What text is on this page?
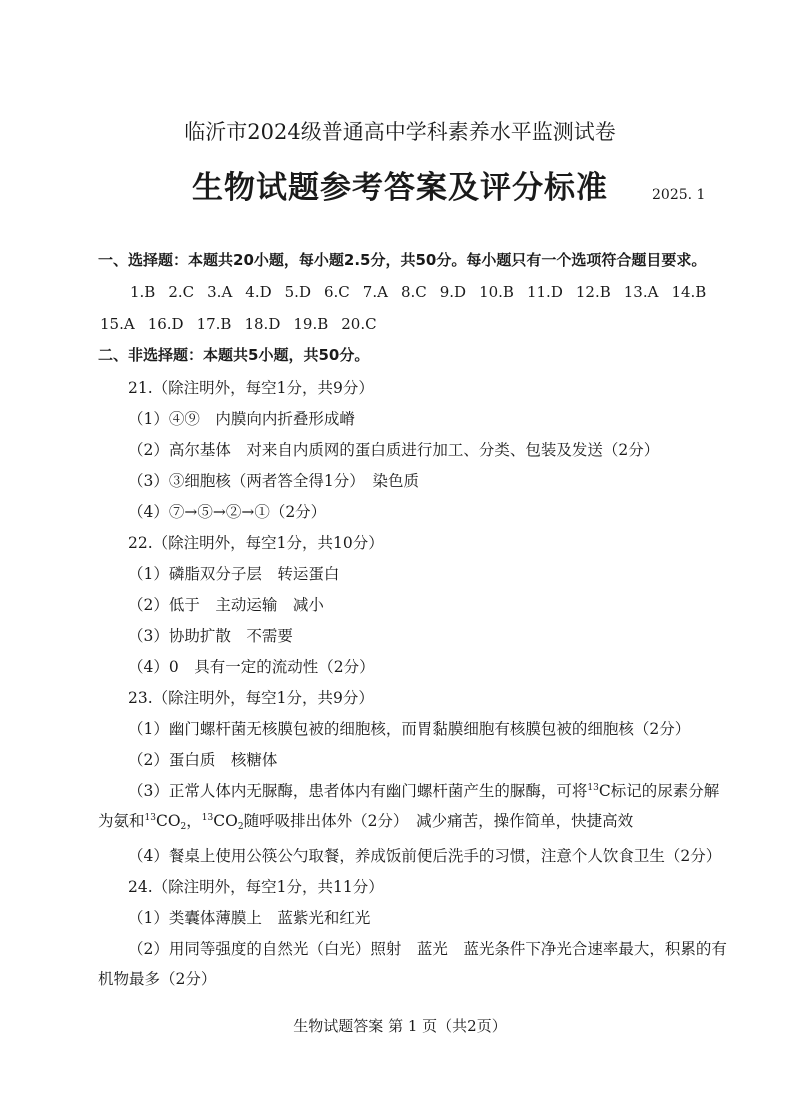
临沂市2024级普通高中学科素养水平监测试卷
生物试题参考答案及评分标准	2025. 1
一、选择题：本题共20小题，每小题2.5分，共50分。每小题只有一个选项符合题目要求。
1.B 2.C 3.A 4.D 5.D 6.C 7.A 8.C 9.D 10.B 11.D 12.B 13.A 14.B
15.A 16.D 17.B 18.D 19.B 20.C
二、非选择题：本题共5小题，共50分。
21.（除注明外，每空1分，共9分）
（1）④⑨　内膜向内折叠形成嵴
（2）高尔基体　对来自内质网的蛋白质进行加工、分类、包装及发送（2分）
（3）③细胞核（两者答全得1分）　染色质
（4）⑦→⑤→②→①（2分）
22.（除注明外，每空1分，共10分）
（1）磷脂双分子层　转运蛋白
（2）低于　主动运输　减小
（3）协助扩散　不需要
（4）0　具有一定的流动性（2分）
23.（除注明外，每空1分，共9分）
（1）幽门螺杆菌无核膜包被的细胞核，而胃黏膜细胞有核膜包被的细胞核（2分）
（2）蛋白质　核糖体
（3）正常人体内无脲酶，患者体内有幽门螺杆菌产生的脲酶，可将$^{13}$C标记的尿素分解
为氨和$^{13}CO_2$，$^{13}CO_2$随呼吸排出体外（2分）　减少痛苦，操作简单，快捷高效
（4）餐桌上使用公筷公勺取餐，养成饭前便后洗手的习惯，注意个人饮食卫生（2分）
24.（除注明外，每空1分，共11分）
（1）类囊体薄膜上　蓝紫光和红光
（2）用同等强度的自然光（白光）照射　蓝光　蓝光条件下净光合速率最大，积累的有
机物最多（2分）
生物试题答案 第 1 页（共2页）
